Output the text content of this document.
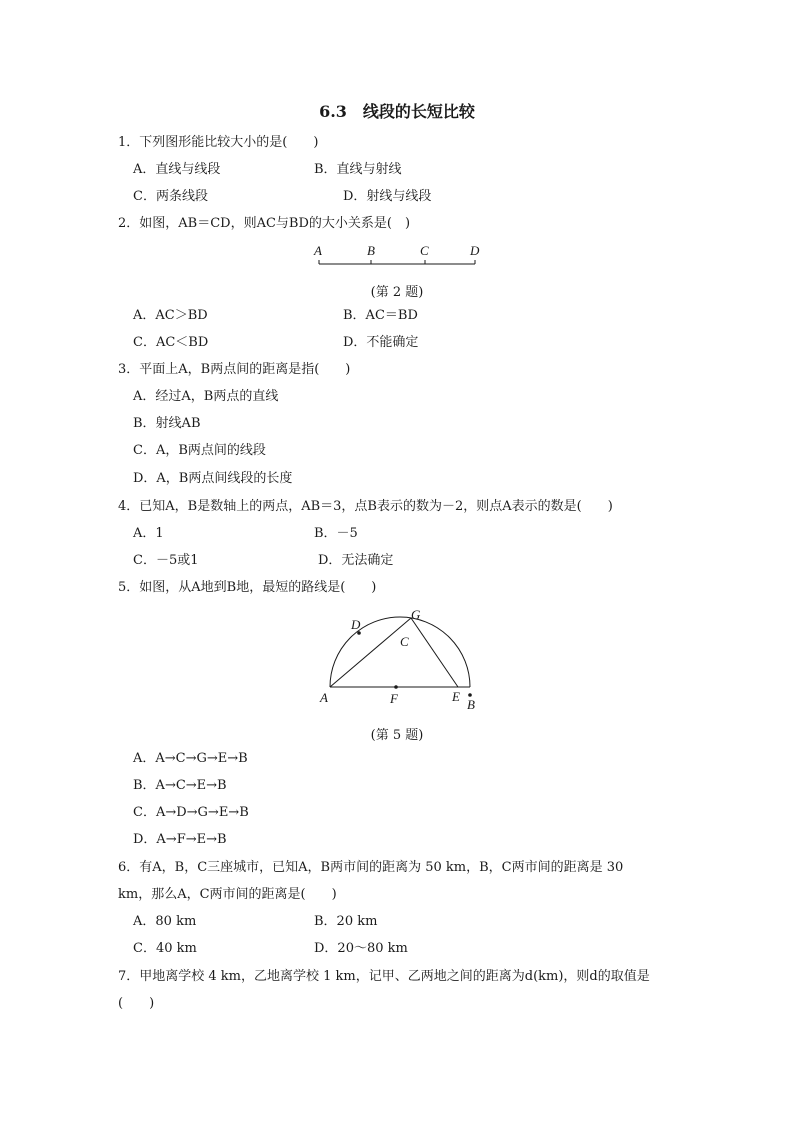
6.3　线段的长短比较
1．下列图形能比较大小的是(　　)
A．直线与线段	B．直线与射线
C．两条线段	D．射线与线段
2．如图，AB＝CD，则AC与BD的大小关系是(　)
A	B	C	D
(第 2 题)
A．AC＞BD	B．AC＝BD
C．AC＜BD	D．不能确定
3．平面上A，B两点间的距离是指(　　)
A．经过A，B两点的直线
B．射线AB
C．A，B两点间的线段
D．A，B两点间线段的长度
4．已知A，B是数轴上的两点，AB＝3，点B表示的数为－2，则点A表示的数是(　　)
A．1	B．－5
C．－5或1	D．无法确定
5．如图，从A地到B地，最短的路线是(　　)
D
G
C
A	F	E
B
(第 5 题)
A．A→C→G→E→B
B．A→C→E→B
C．A→D→G→E→B
D．A→F→E→B
6．有A，B，C三座城市，已知A，B两市间的距离为 50 km，B，C两市间的距离是 30
km，那么A，C两市间的距离是(　　)
A．80 km	B．20 km
C．40 km	D．20～80 km
7．甲地离学校 4 km，乙地离学校 1 km，记甲、乙两地之间的距离为d(km)，则d的取值是
(　　)
